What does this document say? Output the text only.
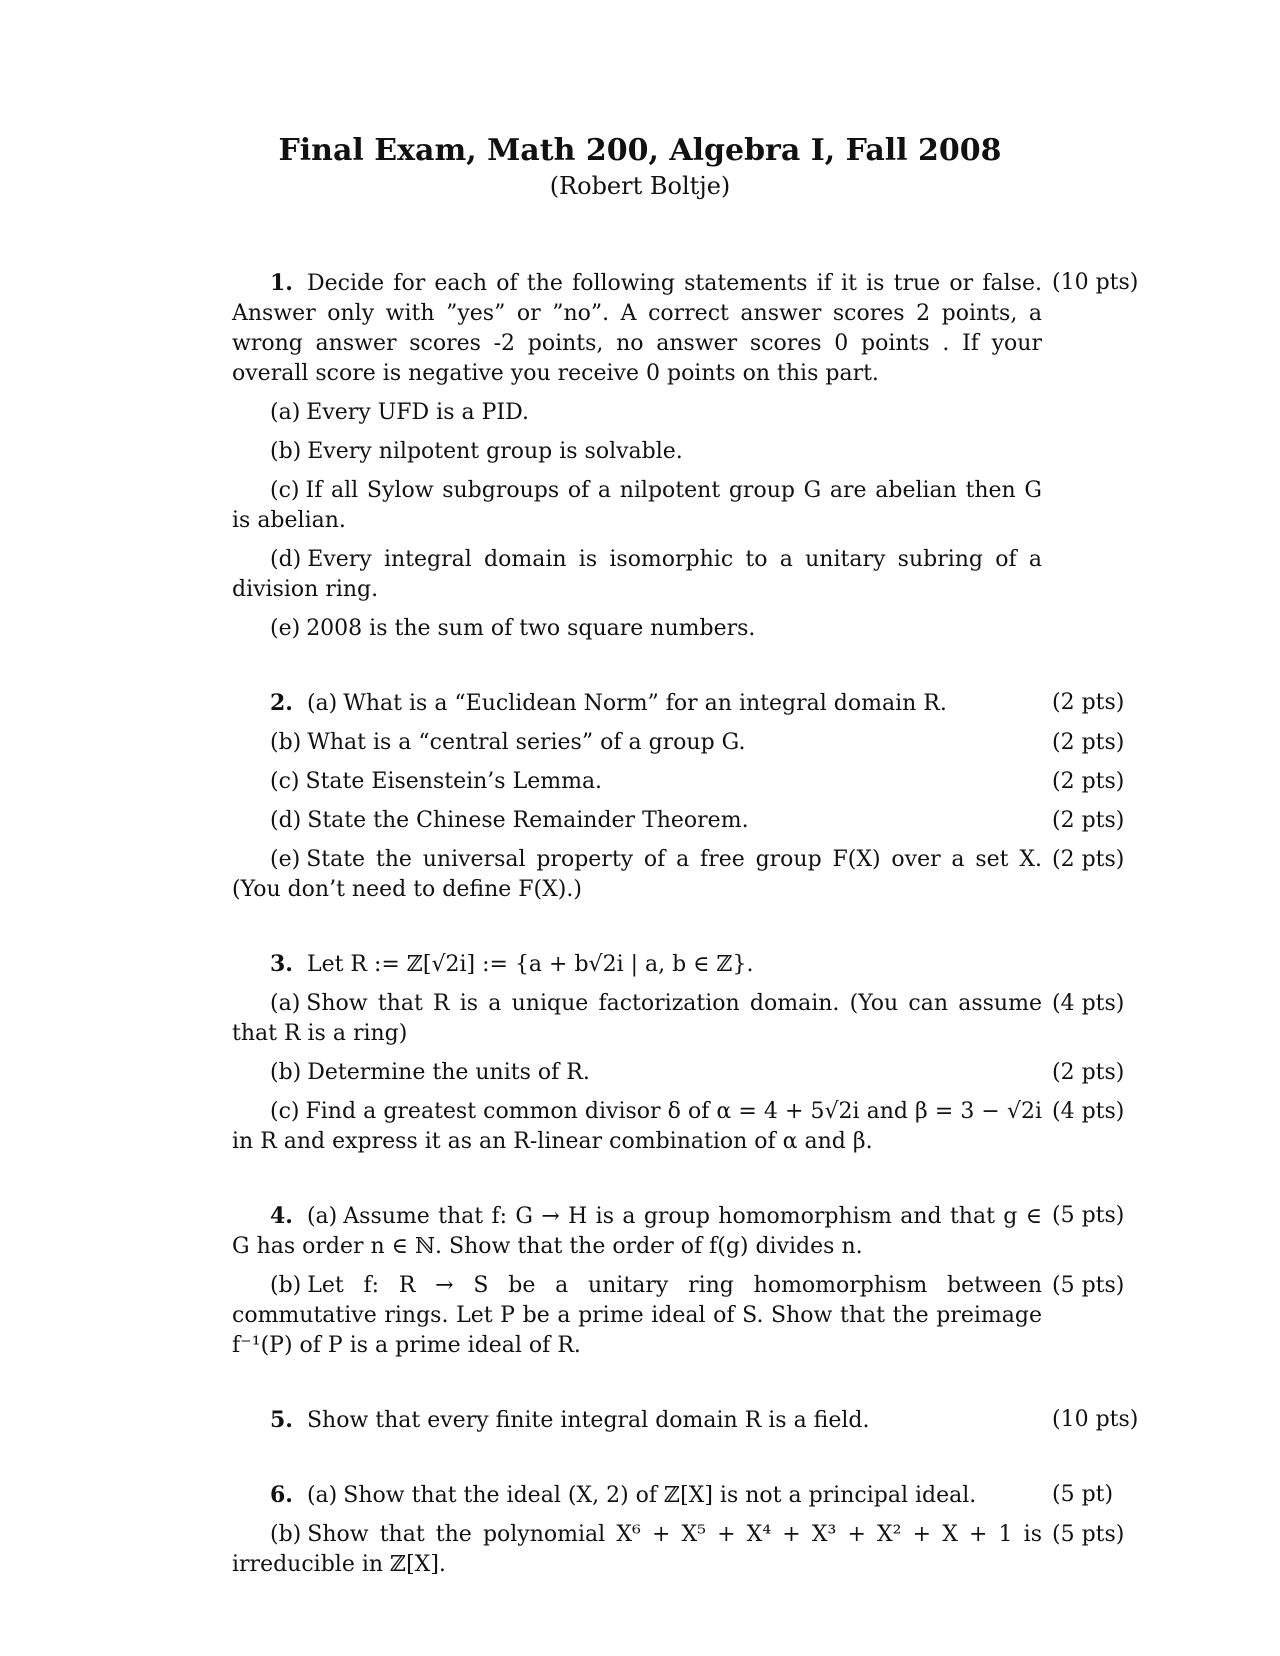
Final Exam, Math 200, Algebra I, Fall 2008
(Robert Boltje)
1. Decide for each of the following statements if it is true or false. Answer only with ”yes” or ”no”. A correct answer scores 2 points, a wrong answer scores -2 points, no answer scores 0 points . If your overall score is negative you receive 0 points on this part.
(10 pts)
(a) Every UFD is a PID.
(b) Every nilpotent group is solvable.
(c) If all Sylow subgroups of a nilpotent group G are abelian then G is abelian.
(d) Every integral domain is isomorphic to a unitary subring of a division ring.
(e) 2008 is the sum of two square numbers.
2. (a) What is a “Euclidean Norm” for an integral domain R.	(2 pts)
(b) What is a “central series” of a group G.	(2 pts)
(c) State Eisenstein’s Lemma.	(2 pts)
(d) State the Chinese Remainder Theorem.	(2 pts)
(e) State the universal property of a free group F(X) over a set X. (You don’t need to define F(X).)
(2 pts)
3. Let R := ℤ[√2i] := {a + b√2i | a, b ∈ ℤ}.
(a) Show that R is a unique factorization domain. (You can assume that R is a ring)
(4 pts)
(b) Determine the units of R.	(2 pts)
(c) Find a greatest common divisor δ of α = 4 + 5√2i and β = 3 − √2i in R and express it as an R-linear combination of α and β.
(4 pts)
4. (a) Assume that f: G → H is a group homomorphism and that g ∈ G has order n ∈ ℕ. Show that the order of f(g) divides n.
(5 pts)
(b) Let f: R → S be a unitary ring homomorphism between commutative rings. Let P be a prime ideal of S. Show that the preimage f⁻¹(P) of P is a prime ideal of R.
(5 pts)
5. Show that every finite integral domain R is a field.	(10 pts)
6. (a) Show that the ideal (X, 2) of ℤ[X] is not a principal ideal.	(5 pt)
(b) Show that the polynomial X⁶ + X⁵ + X⁴ + X³ + X² + X + 1 is irreducible in ℤ[X].
(5 pts)
